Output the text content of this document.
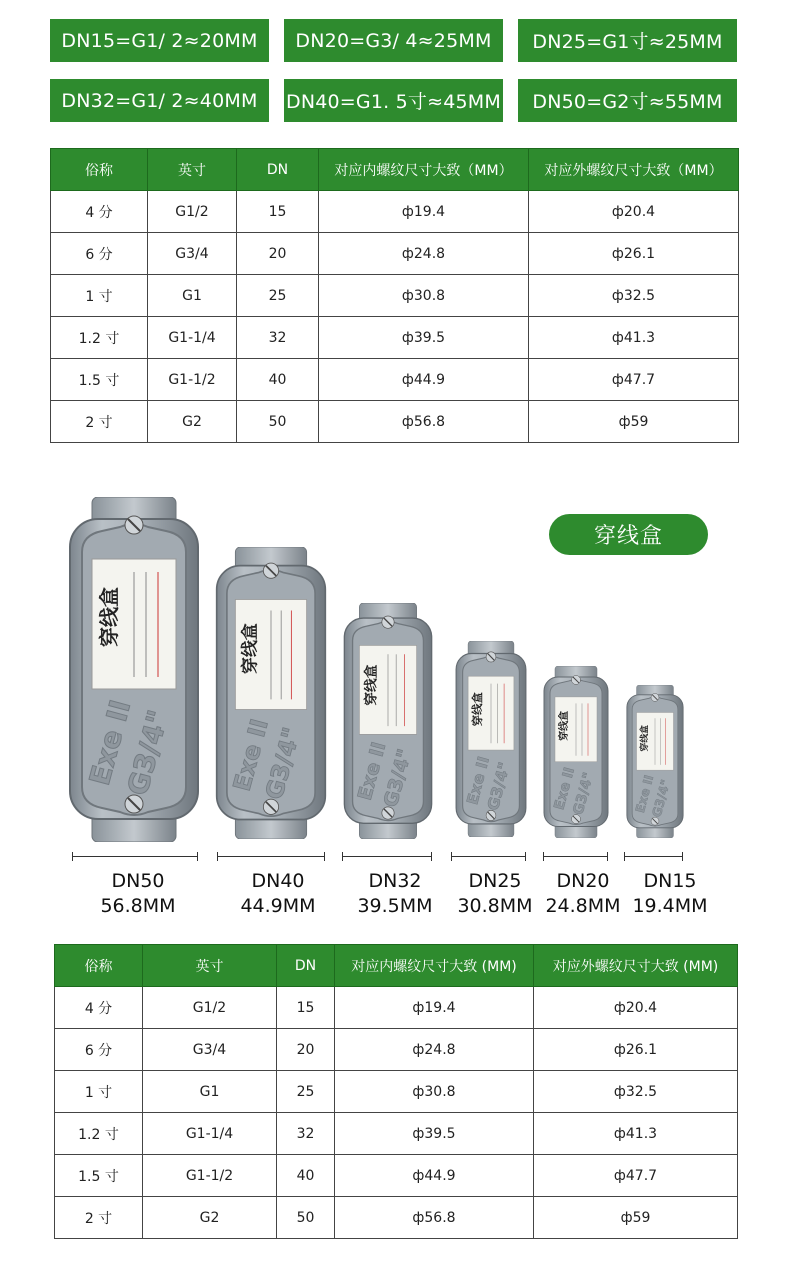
DN15=G1/ 2≈20MM	DN20=G3/ 4≈25MM	DN25=G1寸≈25MM
DN32=G1/ 2≈40MM	DN40=G1. 5寸≈45MM	DN50=G2寸≈55MM
俗称	英寸	DN	对应内螺纹尺寸大致（MM）	对应外螺纹尺寸大致（MM）
4 分	G1/2	15	ф19.4	ф20.4
6 分	G3/4	20	ф24.8	ф26.1
1 寸	G1	25	ф30.8	ф32.5
1.2 寸	G1-1/4	32	ф39.5	ф41.3
1.5 寸	G1-1/2	40	ф44.9	ф47.7
2 寸	G2	50	ф56.8	ф59
穿线盒
DN50
56.8MM
DN40
44.9MM
DN32
39.5MM
DN25
30.8MM
DN20
24.8MM
DN15
19.4MM
俗称	英寸	DN	对应内螺纹尺寸大致 (MM)	对应外螺纹尺寸大致 (MM)
4 分	G1/2	15	ф19.4	ф20.4
6 分	G3/4	20	ф24.8	ф26.1
1 寸	G1	25	ф30.8	ф32.5
1.2 寸	G1-1/4	32	ф39.5	ф41.3
1.5 寸	G1-1/2	40	ф44.9	ф47.7
2 寸	G2	50	ф56.8	ф59
